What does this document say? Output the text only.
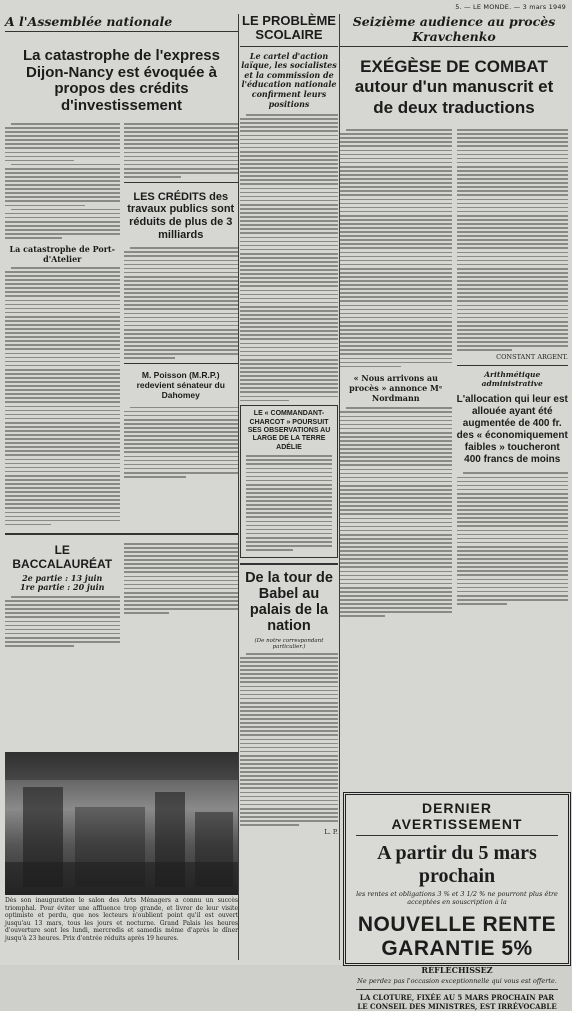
5. — LE MONDE. — 3 mars 1949
A l'Assemblée nationale
La catastrophe de l'express Dijon-Nancy est évoquée à propos des crédits d'investissement
La catastrophe de Port-d'Atelier
LES CRÉDITS des travaux publics sont réduits de plus de 3 milliards
M. Poisson (M.R.P.) redevient sénateur du Dahomey
LE BACCALAURÉAT
2e partie : 13 juin
1re partie : 20 juin
Dès son inauguration le salon des Arts Ménagers a connu un succès triomphal. Pour éviter une affluence trop grande, et livrer de leur visite optimiste et perdu, que nos lecteurs n'oublient point qu'il est ouvert jusqu'au 13 mars, tous les jours et nocturne. Grand Palais les heures d'ouverture sont les lundi, mercredis et samedis même d'après le dîner jusqu'à 23 heures. Prix d'entrée réduits après 19 heures.
LE PROBLÈME SCOLAIRE
Le cartel d'action laïque, les socialistes et la commission de l'éducation nationale confirment leurs positions
LE « COMMANDANT-CHARCOT » POURSUIT SES OBSERVATIONS AU LARGE DE LA TERRE ADÉLIE
De la tour de Babel au palais de la nation
(De notre correspondant particulier.)
L. P.
Seizième audience au procès Kravchenko
EXÉGÈSE DE COMBAT autour d'un manuscrit et de deux traductions
« Nous arrivons au procès » annonce Mᵉ Nordmann
CONSTANT ARGENT.
Arithmétique administrative
L'allocation qui leur est allouée ayant été augmentée de 400 fr. des « économiquement faibles » toucheront 400 francs de moins
DERNIER AVERTISSEMENT
A partir du 5 mars prochain
les rentes et obligations 3 % et 3 1/2 % ne pourront plus être acceptées en souscription à la
NOUVELLE RENTE GARANTIE 5%
RÉFLÉCHISSEZ
Ne perdez pas l'occasion exceptionnelle qui vous est offerte.
LA CLOTURE, FIXÉE AU 5 MARS PROCHAIN PAR LE CONSEIL DES MINISTRES, EST IRRÉVOCABLE
